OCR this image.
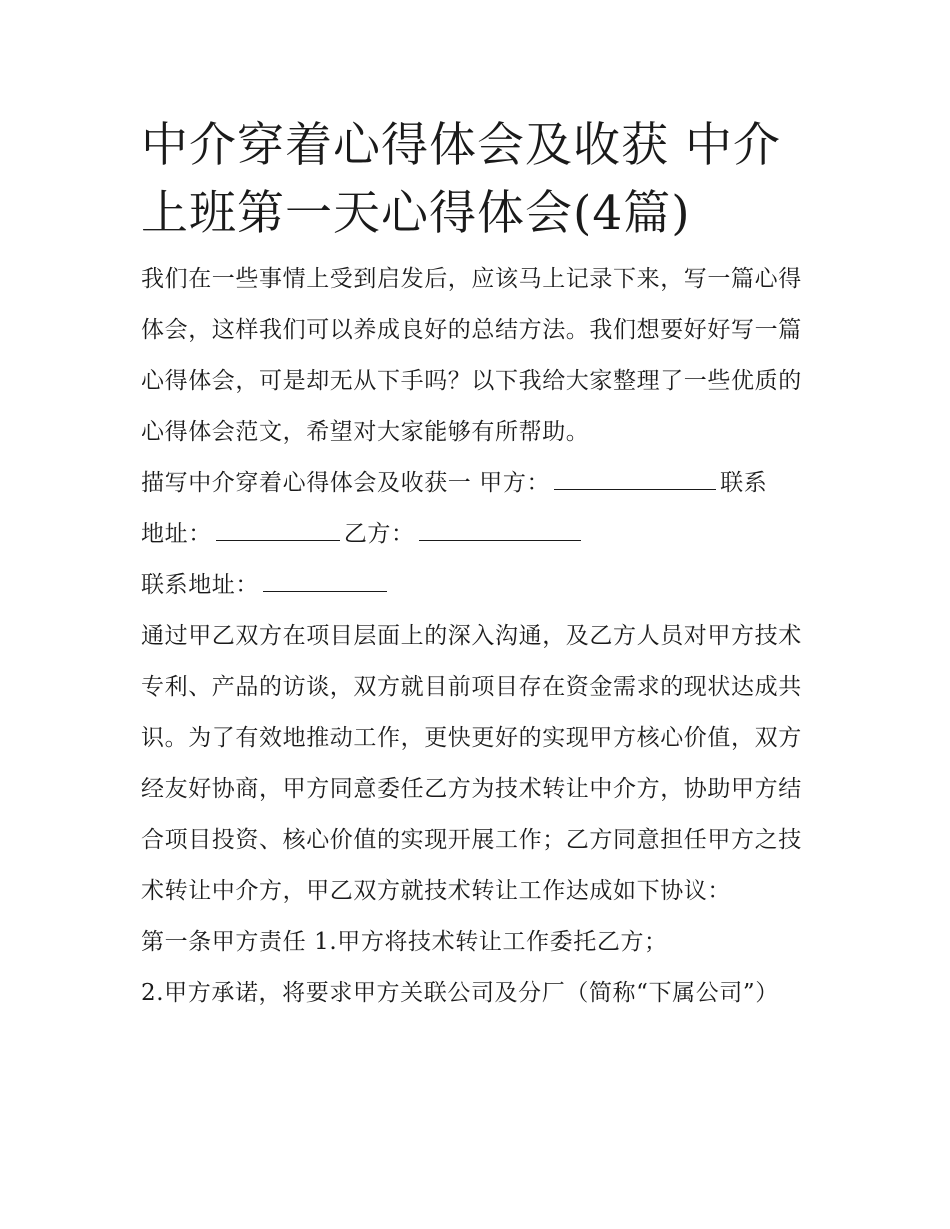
中介穿着心得体会及收获 中介上班第一天心得体会(4篇)

我们在一些事情上受到启发后，应该马上记录下来，写一篇心得体会，这样我们可以养成良好的总结方法。我们想要好好写一篇心得体会，可是却无从下手吗？以下我给大家整理了一些优质的心得体会范文，希望对大家能够有所帮助。

描写中介穿着心得体会及收获一 甲方：	联系
地址：	乙方：

联系地址：

通过甲乙双方在项目层面上的深入沟通，及乙方人员对甲方技术专利、产品的访谈，双方就目前项目存在资金需求的现状达成共识。为了有效地推动工作，更快更好的实现甲方核心价值，双方经友好协商，甲方同意委任乙方为技术转让中介方，协助甲方结合项目投资、核心价值的实现开展工作；乙方同意担任甲方之技术转让中介方，甲乙双方就技术转让工作达成如下协议：

第一条甲方责任 1.甲方将技术转让工作委托乙方；

2.甲方承诺，将要求甲方关联公司及分厂（简称“下属公司”）
